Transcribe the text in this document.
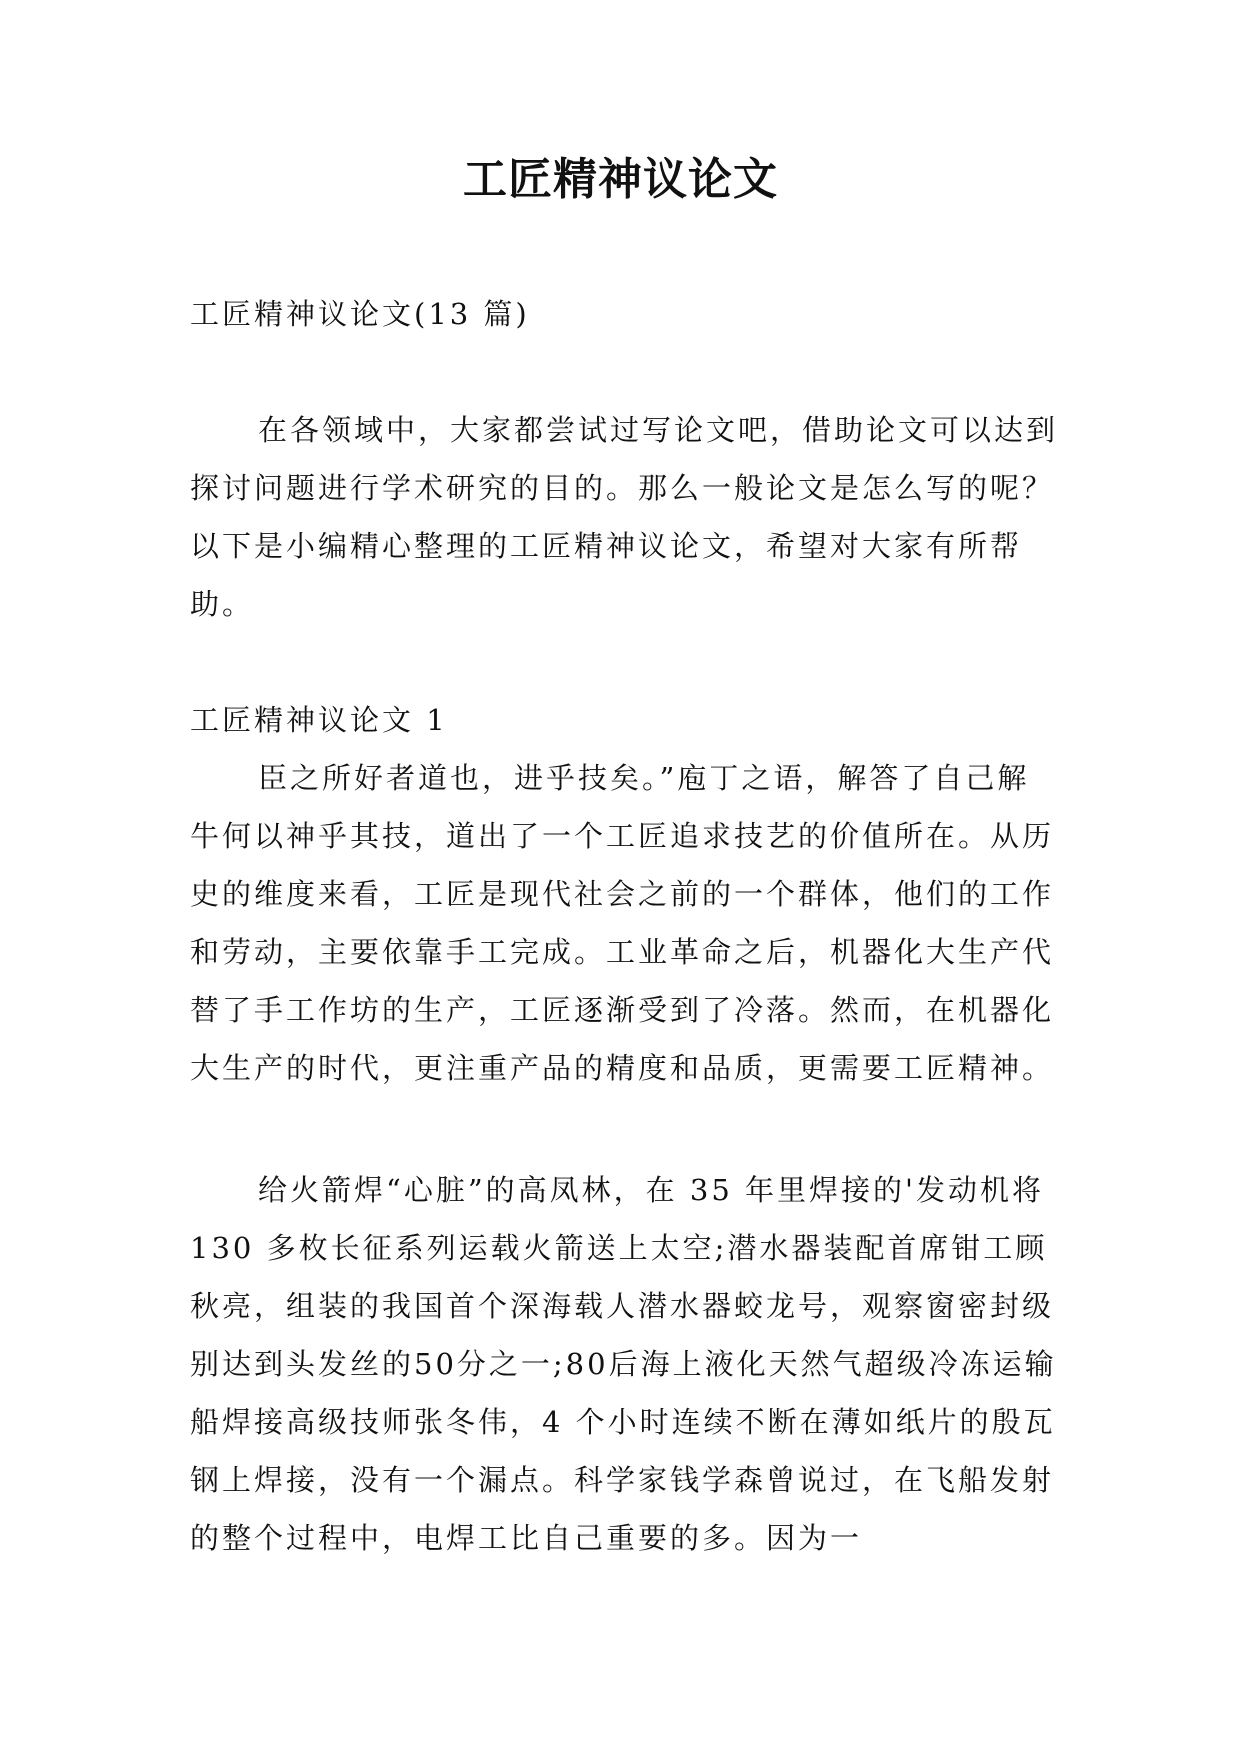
工匠精神议论文

工匠精神议论文(13 篇)

在各领域中，大家都尝试过写论文吧，借助论文可以达到探讨问题进行学术研究的目的。那么一般论文是怎么写的呢？以下是小编精心整理的工匠精神议论文，希望对大家有所帮助。

工匠精神议论文 1

臣之所好者道也，进乎技矣。”庖丁之语，解答了自己解牛何以神乎其技，道出了一个工匠追求技艺的价值所在。从历史的维度来看，工匠是现代社会之前的一个群体，他们的工作和劳动，主要依靠手工完成。工业革命之后，机器化大生产代替了手工作坊的生产，工匠逐渐受到了冷落。然而，在机器化大生产的时代，更注重产品的精度和品质，更需要工匠精神。

给火箭焊“心脏”的高凤林，在 35 年里焊接的'发动机将 130 多枚长征系列运载火箭送上太空;潜水器装配首席钳工顾秋亮，组装的我国首个深海载人潜水器蛟龙号，观察窗密封级别达到头发丝的50分之一;80后海上液化天然气超级冷冻运输船焊接高级技师张冬伟，4 个小时连续不断在薄如纸片的殷瓦钢上焊接，没有一个漏点。科学家钱学森曾说过，在飞船发射的整个过程中，电焊工比自己重要的多。因为一
